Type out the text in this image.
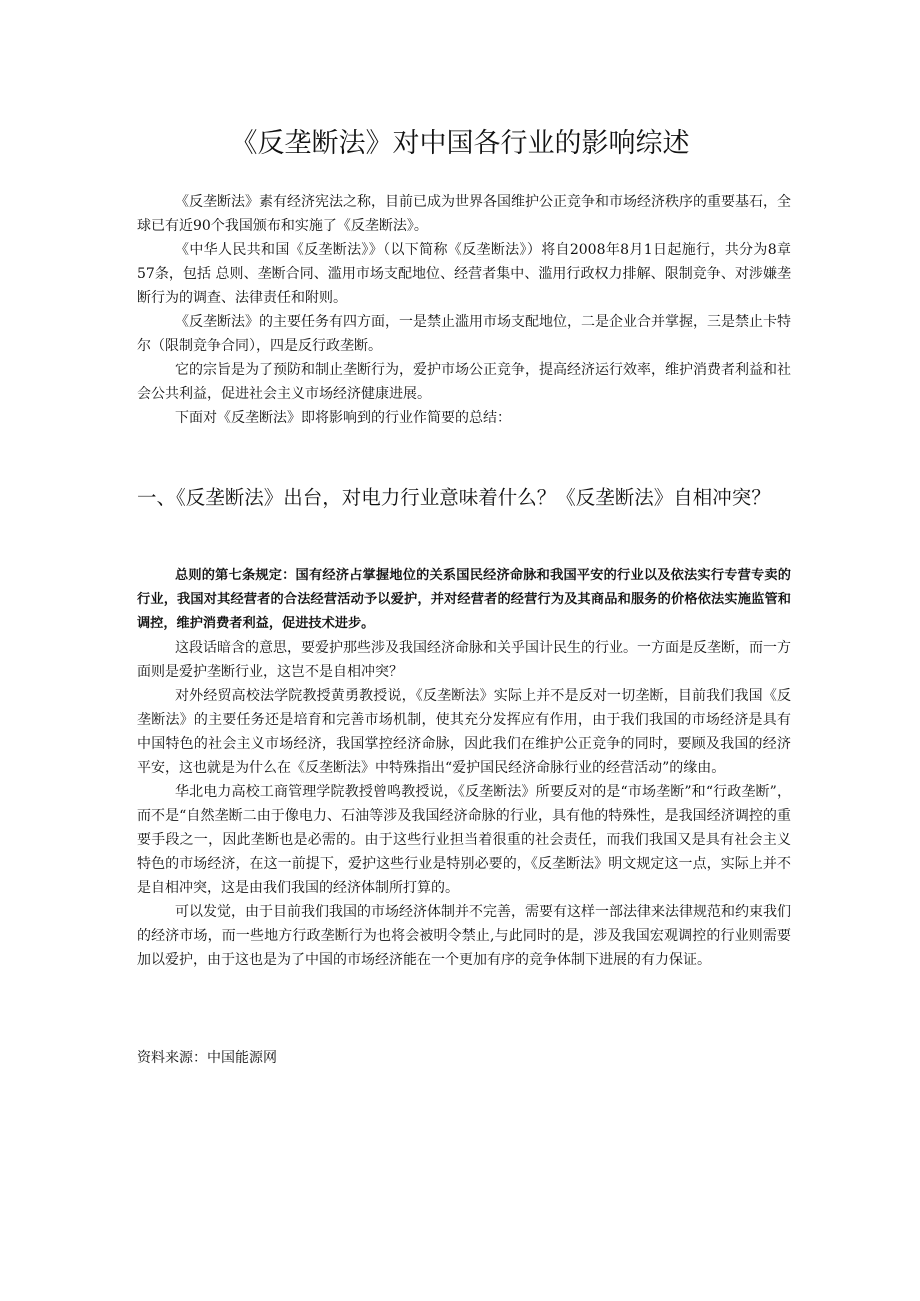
《反垄断法》对中国各行业的影响综述

《反垄断法》素有经济宪法之称，目前已成为世界各国维护公正竞争和市场经济秩序的重要基石，全球已有近90个我国颁布和实施了《反垄断法》。

《中华人民共和国《反垄断法》》（以下简称《反垄断法》）将自2008年8月1日起施行，共分为8章57条，包括 总则、垄断合同、滥用市场支配地位、经营者集中、滥用行政权力排解、限制竞争、对涉嫌垄断行为的调查、法律责任和附则。

《反垄断法》的主要任务有四方面，一是禁止滥用市场支配地位，二是企业合并掌握，三是禁止卡特尔（限制竞争合同），四是反行政垄断。

它的宗旨是为了预防和制止垄断行为，爱护市场公正竞争，提高经济运行效率，维护消费者利益和社会公共利益，促进社会主义市场经济健康进展。

下面对《反垄断法》即将影响到的行业作简要的总结：

一、《反垄断法》出台，对电力行业意味着什么？《反垄断法》自相冲突？

总则的第七条规定：国有经济占掌握地位的关系国民经济命脉和我国平安的行业以及依法实行专营专卖的行业，我国对其经营者的合法经营活动予以爱护，并对经营者的经营行为及其商品和服务的价格依法实施监管和调控，维护消费者利益，促进技术进步。

这段话暗含的意思，要爱护那些涉及我国经济命脉和关乎国计民生的行业。一方面是反垄断，而一方面则是爱护垄断行业，这岂不是自相冲突？

对外经贸高校法学院教授黄勇教授说，《反垄断法》实际上并不是反对一切垄断，目前我们我国《反垄断法》的主要任务还是培育和完善市场机制，使其充分发挥应有作用，由于我们我国的市场经济是具有中国特色的社会主义市场经济，我国掌控经济命脉，因此我们在维护公正竞争的同时，要顾及我国的经济平安，这也就是为什么在《反垄断法》中特殊指出“爱护国民经济命脉行业的经营活动”的缘由。

华北电力高校工商管理学院教授曾鸣教授说，《反垄断法》所要反对的是“市场垄断”和“行政垄断”，而不是“自然垄断二由于像电力、石油等涉及我国经济命脉的行业，具有他的特殊性，是我国经济调控的重要手段之一，因此垄断也是必需的。由于这些行业担当着很重的社会责任，而我们我国又是具有社会主义特色的市场经济，在这一前提下，爱护这些行业是特别必要的，《反垄断法》明文规定这一点，实际上并不是自相冲突，这是由我们我国的经济体制所打算的。

可以发觉，由于目前我们我国的市场经济体制并不完善，需要有这样一部法律来法律规范和约束我们的经济市场，而一些地方行政垄断行为也将会被明令禁止,与此同时的是，涉及我国宏观调控的行业则需要加以爱护，由于这也是为了中国的市场经济能在一个更加有序的竞争体制下进展的有力保证。

资料来源：中国能源网
